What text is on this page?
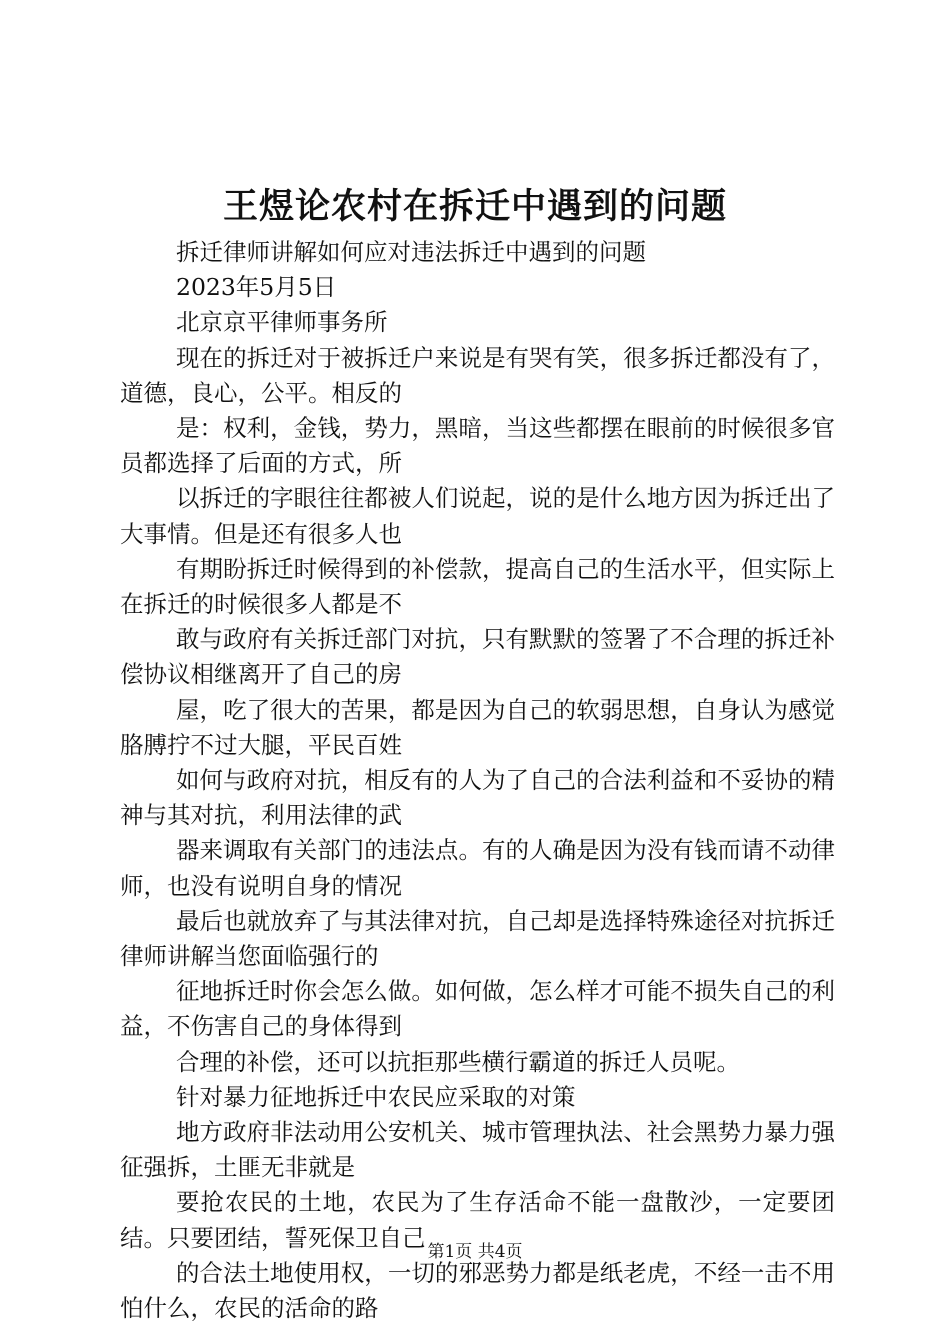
王煜论农村在拆迁中遇到的问题

拆迁律师讲解如何应对违法拆迁中遇到的问题

2023年5月5日

北京京平律师事务所

现在的拆迁对于被拆迁户来说是有哭有笑，很多拆迁都没有了，道德，良心，公平。相反的

是：权利，金钱，势力，黑暗，当这些都摆在眼前的时候很多官员都选择了后面的方式，所

以拆迁的字眼往往都被人们说起，说的是什么地方因为拆迁出了大事情。但是还有很多人也

有期盼拆迁时候得到的补偿款，提高自己的生活水平，但实际上在拆迁的时候很多人都是不

敢与政府有关拆迁部门对抗，只有默默的签署了不合理的拆迁补偿协议相继离开了自己的房

屋，吃了很大的苦果，都是因为自己的软弱思想，自身认为感觉胳膊拧不过大腿，平民百姓

如何与政府对抗，相反有的人为了自己的合法利益和不妥协的精神与其对抗，利用法律的武

器来调取有关部门的违法点。有的人确是因为没有钱而请不动律师，也没有说明自身的情况

最后也就放弃了与其法律对抗，自己却是选择特殊途径对抗拆迁律师讲解当您面临强行的

征地拆迁时你会怎么做。如何做，怎么样才可能不损失自己的利益，不伤害自己的身体得到

合理的补偿，还可以抗拒那些横行霸道的拆迁人员呢。

针对暴力征地拆迁中农民应采取的对策

地方政府非法动用公安机关、城市管理执法、社会黑势力暴力强征强拆，土匪无非就是

要抢农民的土地，农民为了生存活命不能一盘散沙，一定要团结。只要团结，誓死保卫自己

的合法土地使用权，一切的邪恶势力都是纸老虎，不经一击不用怕什么，农民的活命的路

第1页 共4页
